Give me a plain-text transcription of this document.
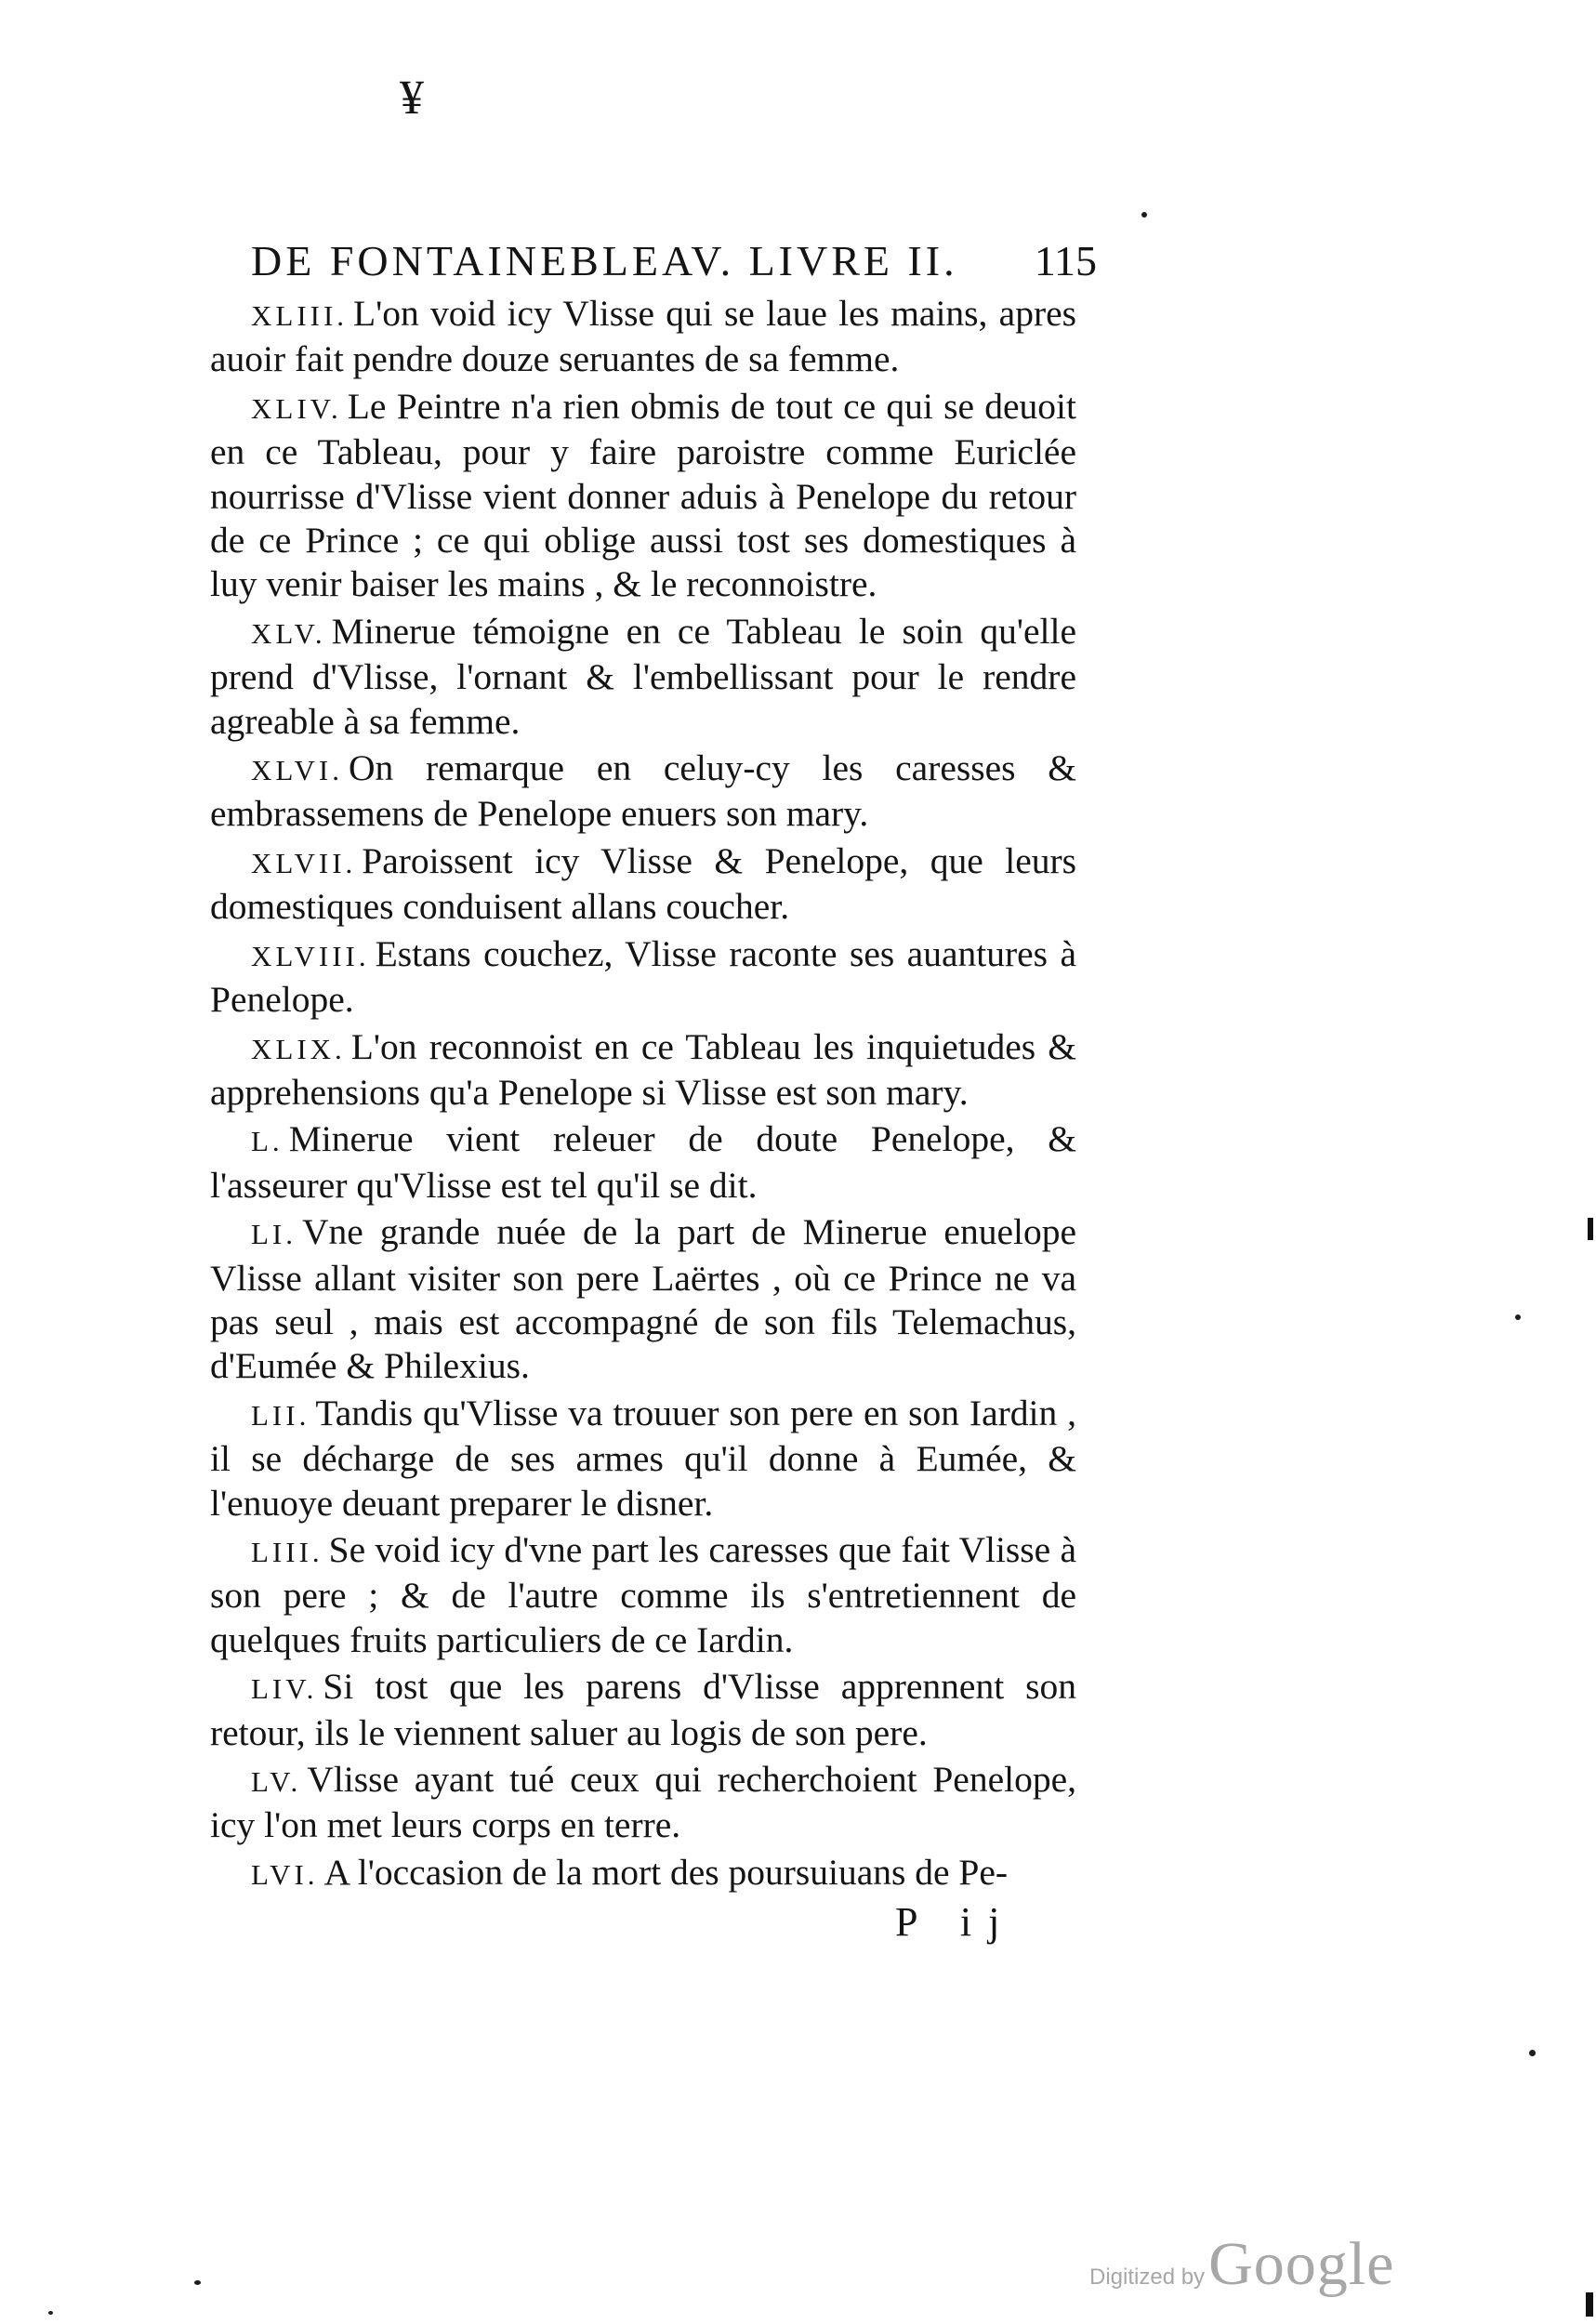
¥
DE FONTAINEBLEAV. LIVRE II. 115

XLIII. L'on void icy Vlisse qui se laue les mains, apres auoir fait pendre douze seruantes de sa femme.

XLIV. Le Peintre n'a rien obmis de tout ce qui se deuoit en ce Tableau, pour y faire paroistre comme Euriclée nourrisse d'Vlisse vient donner aduis à Penelope du retour de ce Prince ; ce qui oblige aussi tost ses domestiques à luy venir baiser les mains , & le reconnoistre.

XLV. Minerue témoigne en ce Tableau le soin qu'elle prend d'Vlisse, l'ornant & l'embellissant pour le rendre agreable à sa femme.

XLVI. On remarque en celuy-cy les caresses & embrassemens de Penelope enuers son mary.

XLVII. Paroissent icy Vlisse & Penelope, que leurs domestiques conduisent allans coucher.

XLVIII. Estans couchez, Vlisse raconte ses auantures à Penelope.

XLIX. L'on reconnoist en ce Tableau les inquietudes & apprehensions qu'a Penelope si Vlisse est son mary.

L. Minerue vient releuer de doute Penelope, & l'asseurer qu'Vlisse est tel qu'il se dit.

LI. Vne grande nuée de la part de Minerue enuelope Vlisse allant visiter son pere Laërtes , où ce Prince ne va pas seul , mais est accompagné de son fils Telemachus, d'Eumée & Philexius.

LII. Tandis qu'Vlisse va trouuer son pere en son Iardin , il se décharge de ses armes qu'il donne à Eumée, & l'enuoye deuant preparer le disner.

LIII. Se void icy d'vne part les caresses que fait Vlisse à son pere ; & de l'autre comme ils s'entretiennent de quelques fruits particuliers de ce Iardin.

LIV. Si tost que les parens d'Vlisse apprennent son retour, ils le viennent saluer au logis de son pere.

LV. Vlisse ayant tué ceux qui recherchoient Penelope, icy l'on met leurs corps en terre.

LVI. A l'occasion de la mort des poursuiuans de Pe-

P ij
Digitized byGoogle
